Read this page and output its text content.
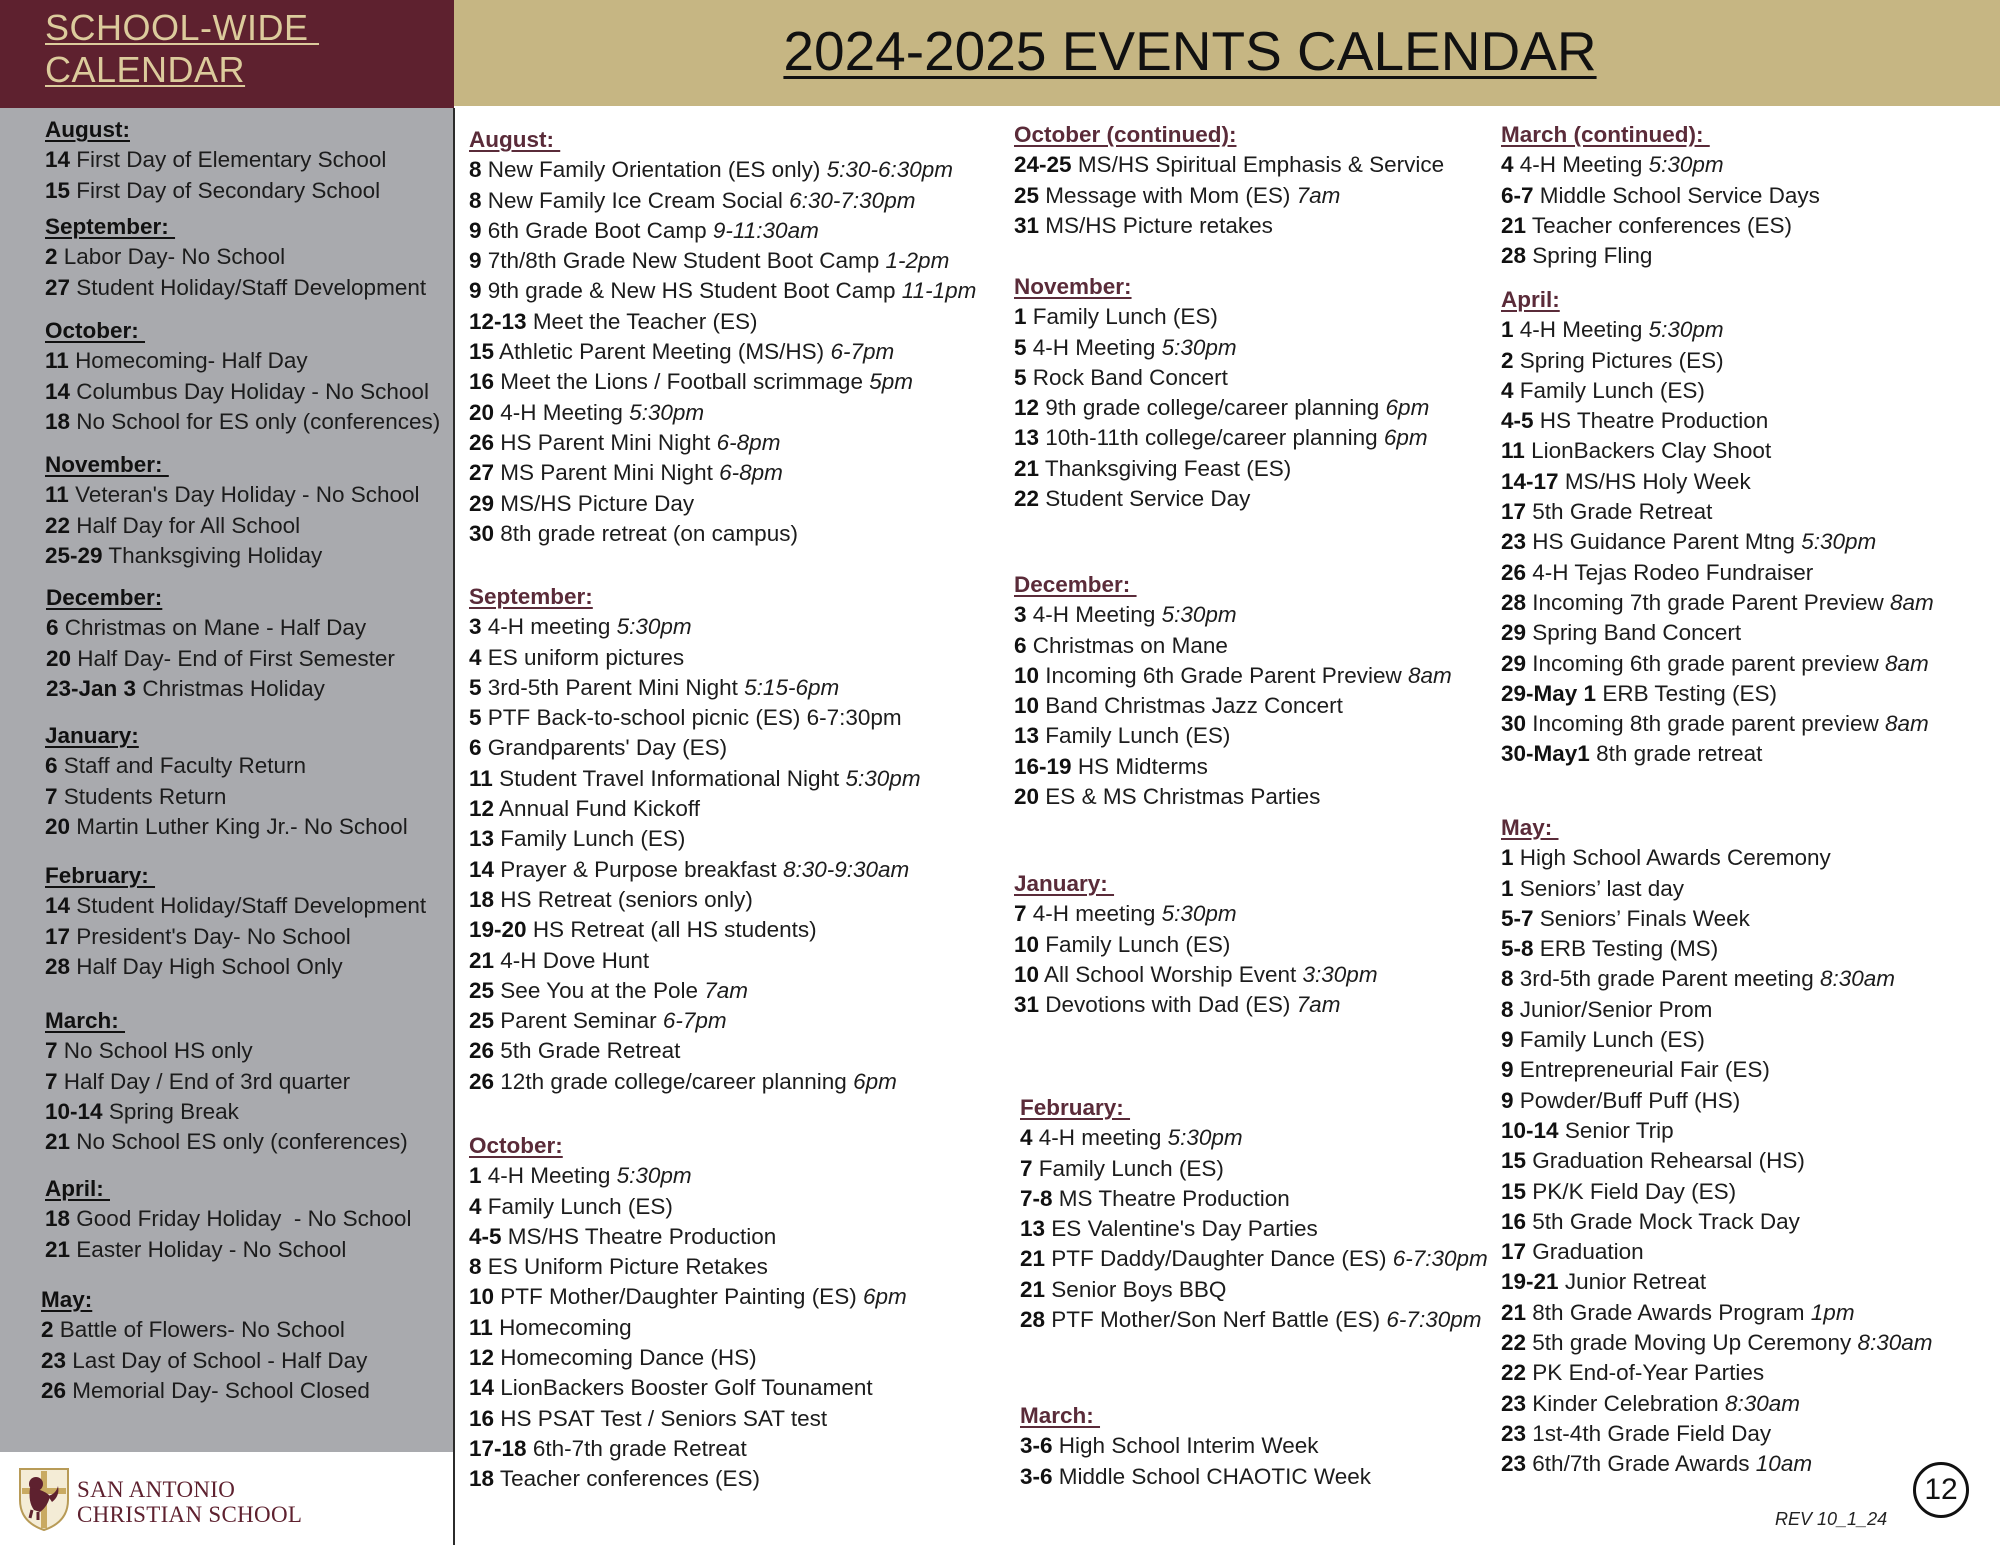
SCHOOL-WIDE
CALENDAR	2024-2025 EVENTS CALENDAR
August:
14 First Day of Elementary School
15 First Day of Secondary School
September:
2 Labor Day- No School
27 Student Holiday/Staff Development
October:
11 Homecoming- Half Day
14 Columbus Day Holiday - No School
18 No School for ES only (conferences)
November:
11 Veteran's Day Holiday - No School
22 Half Day for All School
25-29 Thanksgiving Holiday
December:
6 Christmas on Mane - Half Day
20 Half Day- End of First Semester
23-Jan 3 Christmas Holiday
January:
6 Staff and Faculty Return
7 Students Return
20 Martin Luther King Jr.- No School
February:
14 Student Holiday/Staff Development
17 President's Day- No School
28 Half Day High School Only
March:
7 No School HS only
7 Half Day / End of 3rd quarter
10-14 Spring Break
21 No School ES only (conferences)
April:
18 Good Friday Holiday  - No School
21 Easter Holiday - No School
May:
2 Battle of Flowers- No School
23 Last Day of School - Half Day
26 Memorial Day- School Closed
August:
8 New Family Orientation (ES only) 5:30-6:30pm
8 New Family Ice Cream Social 6:30-7:30pm
9 6th Grade Boot Camp 9-11:30am
9 7th/8th Grade New Student Boot Camp 1-2pm
9 9th grade & New HS Student Boot Camp 11-1pm
12-13 Meet the Teacher (ES)
15 Athletic Parent Meeting (MS/HS) 6-7pm
16 Meet the Lions / Football scrimmage 5pm
20 4-H Meeting 5:30pm
26 HS Parent Mini Night 6-8pm
27 MS Parent Mini Night 6-8pm
29 MS/HS Picture Day
30 8th grade retreat (on campus)
September:
3 4-H meeting 5:30pm
4 ES uniform pictures
5 3rd-5th Parent Mini Night 5:15-6pm
5 PTF Back-to-school picnic (ES) 6-7:30pm
6 Grandparents' Day (ES)
11 Student Travel Informational Night 5:30pm
12 Annual Fund Kickoff
13 Family Lunch (ES)
14 Prayer & Purpose breakfast 8:30-9:30am
18 HS Retreat (seniors only)
19-20 HS Retreat (all HS students)
21 4-H Dove Hunt
25 See You at the Pole 7am
25 Parent Seminar 6-7pm
26 5th Grade Retreat
26 12th grade college/career planning 6pm
October:
1 4-H Meeting 5:30pm
4 Family Lunch (ES)
4-5 MS/HS Theatre Production
8 ES Uniform Picture Retakes
10 PTF Mother/Daughter Painting (ES) 6pm
11 Homecoming
12 Homecoming Dance (HS)
14 LionBackers Booster Golf Tounament
16 HS PSAT Test / Seniors SAT test
17-18 6th-7th grade Retreat
18 Teacher conferences (ES)
October (continued):
24-25 MS/HS Spiritual Emphasis & Service
25 Message with Mom (ES) 7am
31 MS/HS Picture retakes
November:
1 Family Lunch (ES)
5 4-H Meeting 5:30pm
5 Rock Band Concert
12 9th grade college/career planning 6pm
13 10th-11th college/career planning 6pm
21 Thanksgiving Feast (ES)
22 Student Service Day
December:
3 4-H Meeting 5:30pm
6 Christmas on Mane
10 Incoming 6th Grade Parent Preview 8am
10 Band Christmas Jazz Concert
13 Family Lunch (ES)
16-19 HS Midterms
20 ES & MS Christmas Parties
January:
7 4-H meeting 5:30pm
10 Family Lunch (ES)
10 All School Worship Event 3:30pm
31 Devotions with Dad (ES) 7am
February:
4 4-H meeting 5:30pm
7 Family Lunch (ES)
7-8 MS Theatre Production
13 ES Valentine's Day Parties
21 PTF Daddy/Daughter Dance (ES) 6-7:30pm
21 Senior Boys BBQ
28 PTF Mother/Son Nerf Battle (ES) 6-7:30pm
March:
3-6 High School Interim Week
3-6 Middle School CHAOTIC Week
March (continued):
4 4-H Meeting 5:30pm
6-7 Middle School Service Days
21 Teacher conferences (ES)
28 Spring Fling
April:
1 4-H Meeting 5:30pm
2 Spring Pictures (ES)
4 Family Lunch (ES)
4-5 HS Theatre Production
11 LionBackers Clay Shoot
14-17 MS/HS Holy Week
17 5th Grade Retreat
23 HS Guidance Parent Mtng 5:30pm
26 4-H Tejas Rodeo Fundraiser
28 Incoming 7th grade Parent Preview 8am
29 Spring Band Concert
29 Incoming 6th grade parent preview 8am
29-May 1 ERB Testing (ES)
30 Incoming 8th grade parent preview 8am
30-May1 8th grade retreat
May:
1 High School Awards Ceremony
1 Seniors’ last day
5-7 Seniors’ Finals Week
5-8 ERB Testing (MS)
8 3rd-5th grade Parent meeting 8:30am
8 Junior/Senior Prom
9 Family Lunch (ES)
9 Entrepreneurial Fair (ES)
9 Powder/Buff Puff (HS)
10-14 Senior Trip
15 Graduation Rehearsal (HS)
15 PK/K Field Day (ES)
16 5th Grade Mock Track Day
17 Graduation
19-21 Junior Retreat
21 8th Grade Awards Program 1pm
22 5th grade Moving Up Ceremony 8:30am
22 PK End-of-Year Parties
23 Kinder Celebration 8:30am
23 1st-4th Grade Field Day
23 6th/7th Grade Awards 10am
SAN ANTONIO
CHRISTIAN SCHOOL
12
REV 10_1_24
